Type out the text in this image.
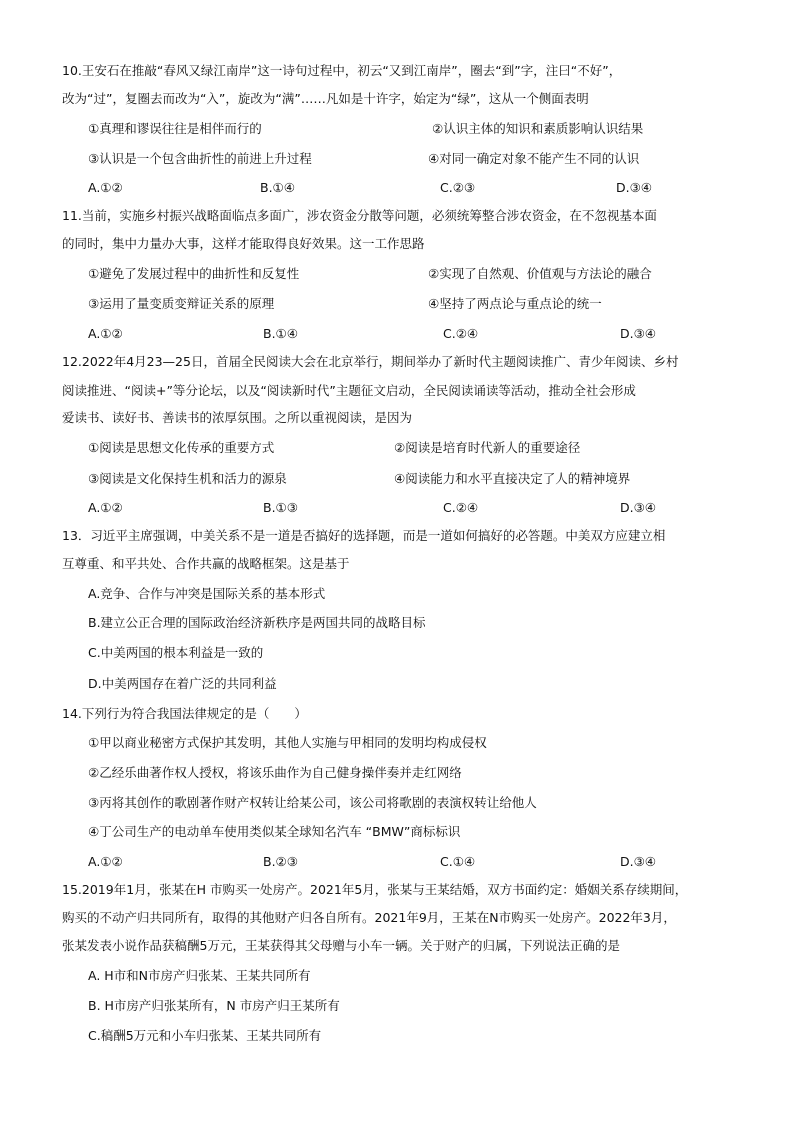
10.王安石在推敲“春风又绿江南岸”这一诗句过程中，初云“又到江南岸”，圈去“到”字，注曰“不好”，
改为“过”，复圈去而改为“入”，旋改为“满”……凡如是十许字，始定为“绿”，这从一个侧面表明
①真理和谬误往往是相伴而行的	②认识主体的知识和素质影响认识结果
③认识是一个包含曲折性的前进上升过程	④对同一确定对象不能产生不同的认识
A.①②	B.①④	C.②③	D.③④
11.当前，实施乡村振兴战略面临点多面广，涉农资金分散等问题，必须统筹整合涉农资金，在不忽视基本面
的同时，集中力量办大事，这样才能取得良好效果。这一工作思路
①避免了发展过程中的曲折性和反复性	②实现了自然观、价值观与方法论的融合
③运用了量变质变辩证关系的原理	④坚持了两点论与重点论的统一
A.①②	B.①④	C.②④	D.③④
12.2022年4月23—25日，首届全民阅读大会在北京举行，期间举办了新时代主题阅读推广、青少年阅读、乡村
阅读推进、“阅读+”等分论坛，以及“阅读新时代”主题征文启动，全民阅读诵读等活动，推动全社会形成
爱读书、读好书、善读书的浓厚氛围。之所以重视阅读，是因为
①阅读是思想文化传承的重要方式	②阅读是培育时代新人的重要途径
③阅读是文化保持生机和活力的源泉	④阅读能力和水平直接决定了人的精神境界
A.①②	B.①③	C.②④	D.③④
13．习近平主席强调，中美关系不是一道是否搞好的选择题，而是一道如何搞好的必答题。中美双方应建立相
互尊重、和平共处、合作共赢的战略框架。这是基于
A.竞争、合作与冲突是国际关系的基本形式
B.建立公正合理的国际政治经济新秩序是两国共同的战略目标
C.中美两国的根本利益是一致的
D.中美两国存在着广泛的共同利益
14.下列行为符合我国法律规定的是（　　）
①甲以商业秘密方式保护其发明，其他人实施与甲相同的发明均构成侵权
②乙经乐曲著作权人授权，将该乐曲作为自己健身操伴奏并走红网络
③丙将其创作的歌剧著作财产权转让给某公司，该公司将歌剧的表演权转让给他人
④丁公司生产的电动单车使用类似某全球知名汽车 “BMW”商标标识
A.①②	B.②③	C.①④	D.③④
15.2019年1月，张某在H 市购买一处房产。2021年5月，张某与王某结婚，双方书面约定：婚姻关系存续期间，
购买的不动产归共同所有，取得的其他财产归各自所有。2021年9月，王某在N市购买一处房产。2022年3月，
张某发表小说作品获稿酬5万元，王某获得其父母赠与小车一辆。关于财产的归属，下列说法正确的是
A. H市和N市房产归张某、王某共同所有
B. H市房产归张某所有，N 市房产归王某所有
C.稿酬5万元和小车归张某、王某共同所有
